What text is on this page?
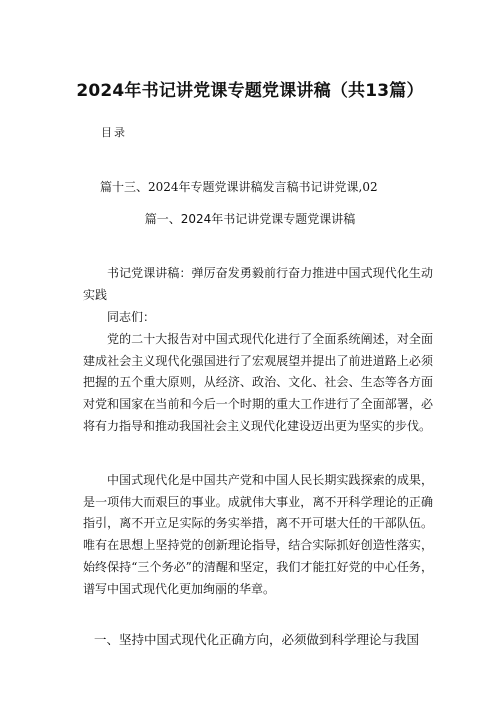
2024年书记讲党课专题党课讲稿（共13篇）
目录
篇十三、2024年专题党课讲稿发言稿书记讲党课,02
篇一、2024年书记讲党课专题党课讲稿

书记党课讲稿：弹厉奋发勇毅前行奋力推进中国式现代化生动实践

同志们：

党的二十大报告对中国式现代化进行了全面系统阐述，对全面建成社会主义现代化强国进行了宏观展望并提出了前进道路上必须把握的五个重大原则，从经济、政治、文化、社会、生态等各方面对党和国家在当前和今后一个时期的重大工作进行了全面部署，必将有力指导和推动我国社会主义现代化建设迈出更为坚实的步伐。

中国式现代化是中国共产党和中国人民长期实践探索的成果，是一项伟大而艰巨的事业。成就伟大事业，离不开科学理论的正确指引，离不开立足实际的务实举措，离不开可堪大任的干部队伍。唯有在思想上坚持党的创新理论指导，结合实际抓好创造性落实，始终保持“三个务必”的清醒和坚定，我们才能扛好党的中心任务，谱写中国式现代化更加绚丽的华章。

一、坚持中国式现代化正确方向，必须做到科学理论与我国
